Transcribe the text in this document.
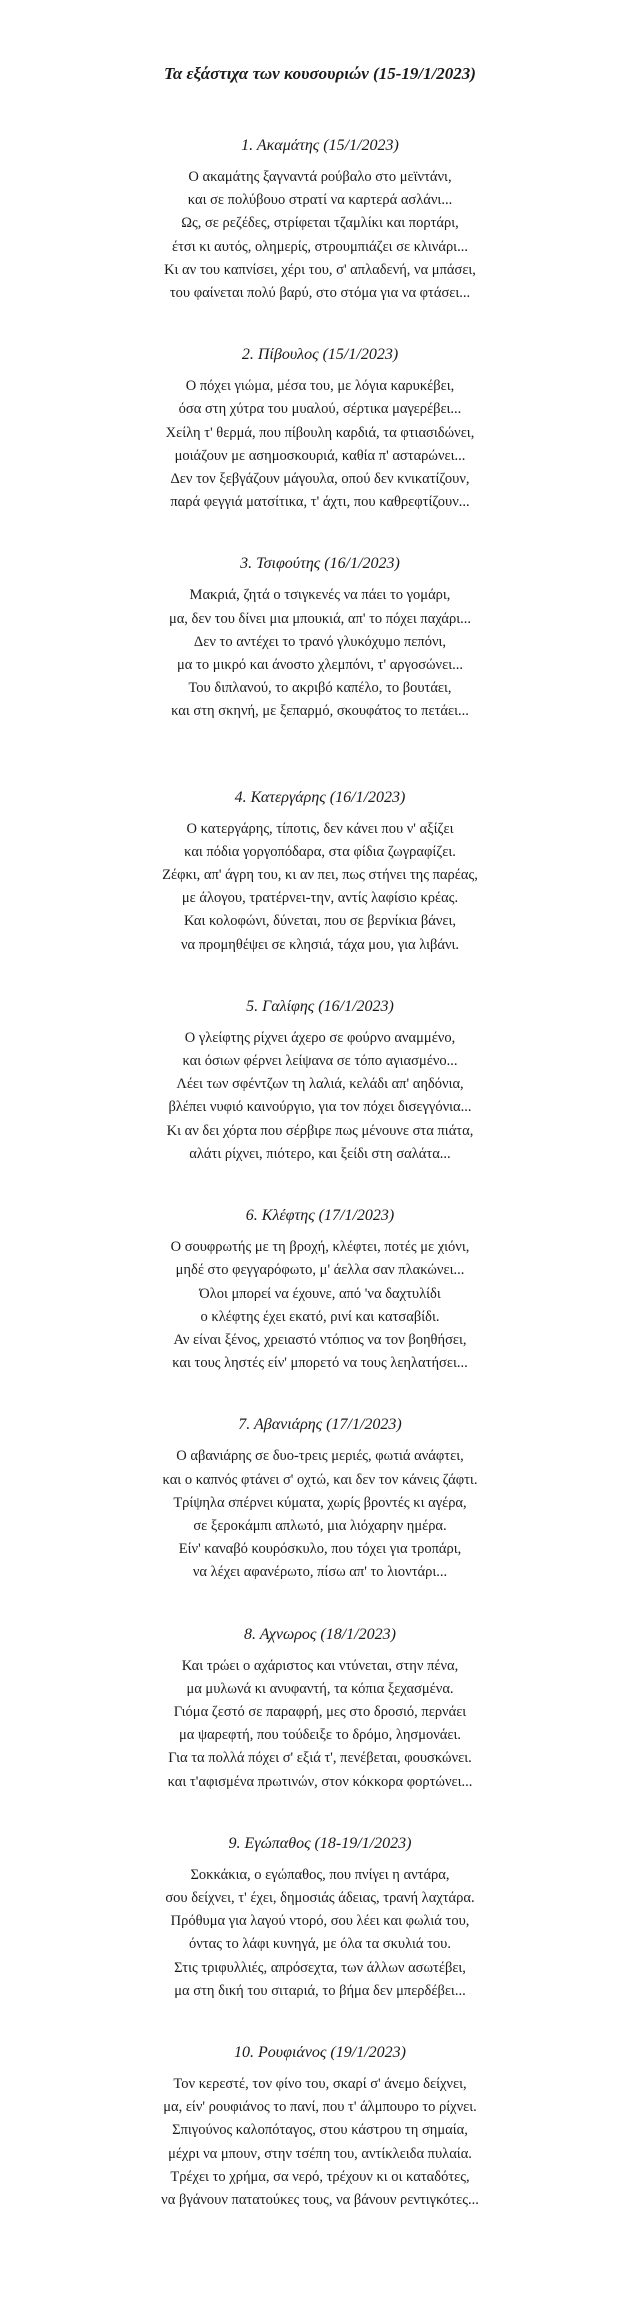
Τα εξάστιχα των κουσουριών (15-19/1/2023)
1. Ακαμάτης (15/1/2023)
Ο ακαμάτης ξαγναντά ρούβαλο στο μεϊντάνι,
και σε πολύβουο στρατί να καρτερά ασλάνι...
Ως, σε ρεζέδες, στρίφεται τζαμλίκι και πορτάρι,
έτσι κι αυτός, ολημερίς, στρουμπιάζει σε κλινάρι...
Κι αν του καπνίσει, χέρι του, σ' απλαδενή, να μπάσει,
του φαίνεται πολύ βαρύ, στο στόμα για να φτάσει...
2. Πίβουλος (15/1/2023)
Ο πόχει γιώμα, μέσα του, με λόγια καρυκέβει,
όσα στη χύτρα του μυαλού, σέρτικα μαγερέβει...
Χείλη τ' θερμά, που πίβουλη καρδιά, τα φτιασιδώνει,
μοιάζουν με ασημοσκουριά, καθία π' ασταρώνει...
Δεν τον ξεβγάζουν μάγουλα, οπού δεν κνικατίζουν,
παρά φεγγιά ματσίτικα, τ' άχτι, που καθρεφτίζουν...
3. Τσιφούτης (16/1/2023)
Μακριά, ζητά ο τσιγκενές να πάει το γομάρι,
μα, δεν του δίνει μια μπουκιά, απ' το πόχει παχάρι...
Δεν το αντέχει το τρανό γλυκόχυμο πεπόνι,
μα το μικρό και άνοστο χλεμπόνι, τ' αργοσώνει...
Του διπλανού, το ακριβό καπέλο, το βουτάει,
και στη σκηνή, με ξεπαρμό, σκουφάτος το πετάει...
4. Κατεργάρης (16/1/2023)
Ο κατεργάρης, τίποτις, δεν κάνει που ν' αξίζει
και πόδια γοργοπόδαρα, στα φίδια ζωγραφίζει.
Ζέφκι, απ' άγρη του, κι αν πει, πως στήνει της παρέας,
με άλογου, τρατέρνει-την, αντίς λαφίσιο κρέας.
Και κολοφώνι, δύνεται, που σε βερνίκια βάνει,
να προμηθέψει σε κλησιά, τάχα μου, για λιβάνι.
5. Γαλίφης (16/1/2023)
Ο γλείφτης ρίχνει άχερο σε φούρνο αναμμένο,
και όσιων φέρνει λείψανα σε τόπο αγιασμένο...
Λέει των σφέντζων τη λαλιά, κελάδι απ' αηδόνια,
βλέπει νυφιό καινούργιο, για τον πόχει δισεγγόνια...
Κι αν δει χόρτα που σέρβιρε πως μένουνε στα πιάτα,
αλάτι ρίχνει, πιότερο, και ξείδι στη σαλάτα...
6. Κλέφτης (17/1/2023)
Ο σουφρωτής με τη βροχή, κλέφτει, ποτές με χιόνι,
μηδέ στο φεγγαρόφωτο, μ' άελλα σαν πλακώνει...
Όλοι μπορεί να έχουνε, από 'να δαχτυλίδι
ο κλέφτης έχει εκατό, ρινί και κατσαβίδι.
Αν είναι ξένος, χρειαστό ντόπιος να τον βοηθήσει,
και τους ληστές είν' μπορετό να τους λεηλατήσει...
7. Αβανιάρης (17/1/2023)
Ο αβανιάρης σε δυο-τρεις μεριές, φωτιά ανάφτει,
και ο καπνός φτάνει σ' οχτώ, και δεν τον κάνεις ζάφτι.
Τρίψηλα σπέρνει κύματα, χωρίς βροντές κι αγέρα,
σε ξεροκάμπι απλωτό, μια λιόχαρην ημέρα.
Είν' καναβό κουρόσκυλο, που τόχει για τροπάρι,
να λέχει αφανέρωτο, πίσω απ' το λιοντάρι...
8. Αχνωρος (18/1/2023)
Και τρώει ο αχάριστος και ντύνεται, στην πένα,
μα μυλωνά κι ανυφαντή, τα κόπια ξεχασμένα.
Γιόμα ζεστό σε παραφρή, μες στο δροσιό, περνάει
μα ψαρεφτή, που τούδειξε το δρόμο, λησμονάει.
Για τα πολλά πόχει σ' εξιά τ', πενέβεται, φουσκώνει.
και τ'αφισμένα πρωτινών, στον κόκκορα φορτώνει...
9. Εγώπαθος (18-19/1/2023)
Σοκκάκια, ο εγώπαθος, που πνίγει η αντάρα,
σου δείχνει, τ' έχει, δημοσιάς άδειας, τρανή λαχτάρα.
Πρόθυμα για λαγού ντορό, σου λέει και φωλιά του,
όντας το λάφι κυνηγά, με όλα τα σκυλιά του.
Στις τριφυλλιές, απρόσεχτα, των άλλων ασωτέβει,
μα στη δική του σιταριά, το βήμα δεν μπερδέβει...
10. Ρουφιάνος (19/1/2023)
Τον κερεστέ, τον φίνο του, σκαρί σ' άνεμο δείχνει,
μα, είν' ρουφιάνος το πανί, που τ' άλμπουρο το ρίχνει.
Σπιγούνος καλοπόταγος, στου κάστρου τη σημαία,
μέχρι να μπουν, στην τσέπη του, αντίκλειδα πυλαία.
Τρέχει το χρήμα, σα νερό, τρέχουν κι οι καταδότες,
να βγάνουν πατατούκες τους, να βάνουν ρεντιγκότες...
